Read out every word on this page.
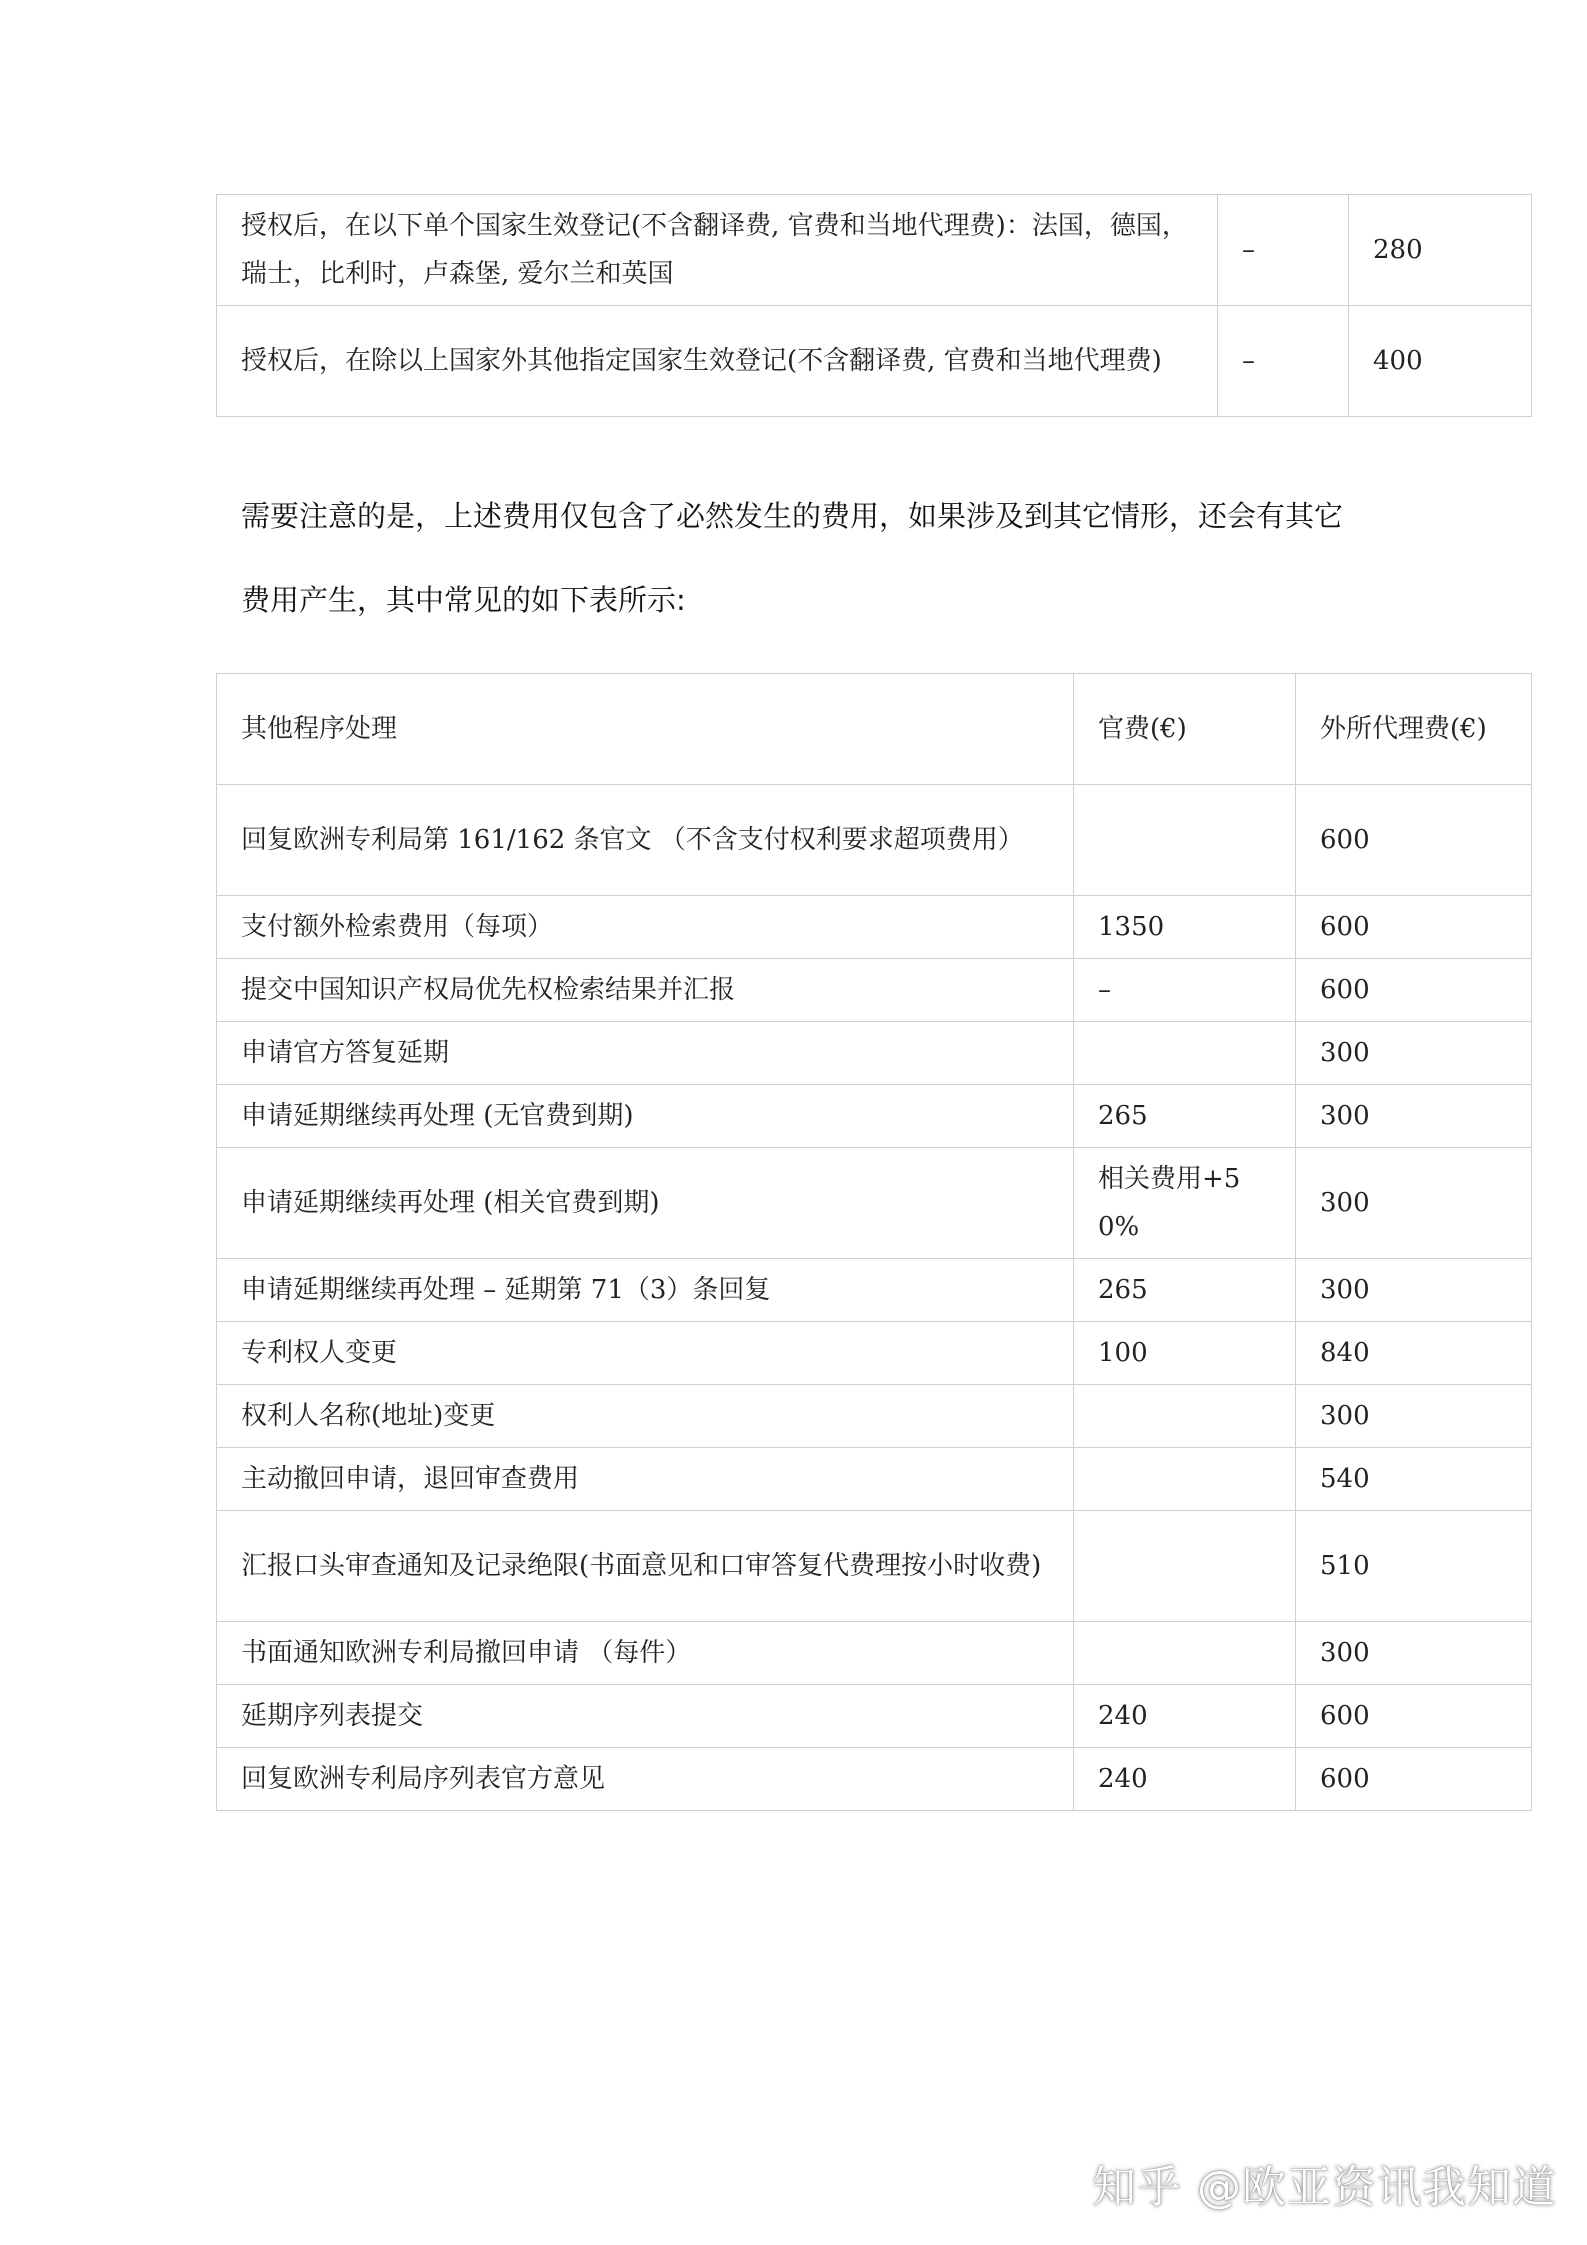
授权后，在以下单个国家生效登记(不含翻译费, 官费和当地代理费)：法国，德国，瑞士，比利时，卢森堡, 爱尔兰和英国	–	280
授权后，在除以上国家外其他指定国家生效登记(不含翻译费, 官费和当地代理费)	–	400

需要注意的是，上述费用仅包含了必然发生的费用，如果涉及到其它情形，还会有其它

费用产生，其中常见的如下表所示:

其他程序处理	官费(€)	外所代理费(€)
回复欧洲专利局第 161/162 条官文 （不含支付权利要求超项费用）		600
支付额外检索费用（每项）	1350	600
提交中国知识产权局优先权检索结果并汇报	–	600
申请官方答复延期		300
申请延期继续再处理 (无官费到期)	265	300
申请延期继续再处理 (相关官费到期)	相关费用+50%	300
申请延期继续再处理 – 延期第 71（3）条回复	265	300
专利权人变更	100	840
权利人名称(地址)变更		300
主动撤回申请，退回审查费用		540
汇报口头审查通知及记录绝限(书面意见和口审答复代费理按小时收费)		510
书面通知欧洲专利局撤回申请 （每件）		300
延期序列表提交	240	600
回复欧洲专利局序列表官方意见	240	600
知乎 @欧亚资讯我知道
